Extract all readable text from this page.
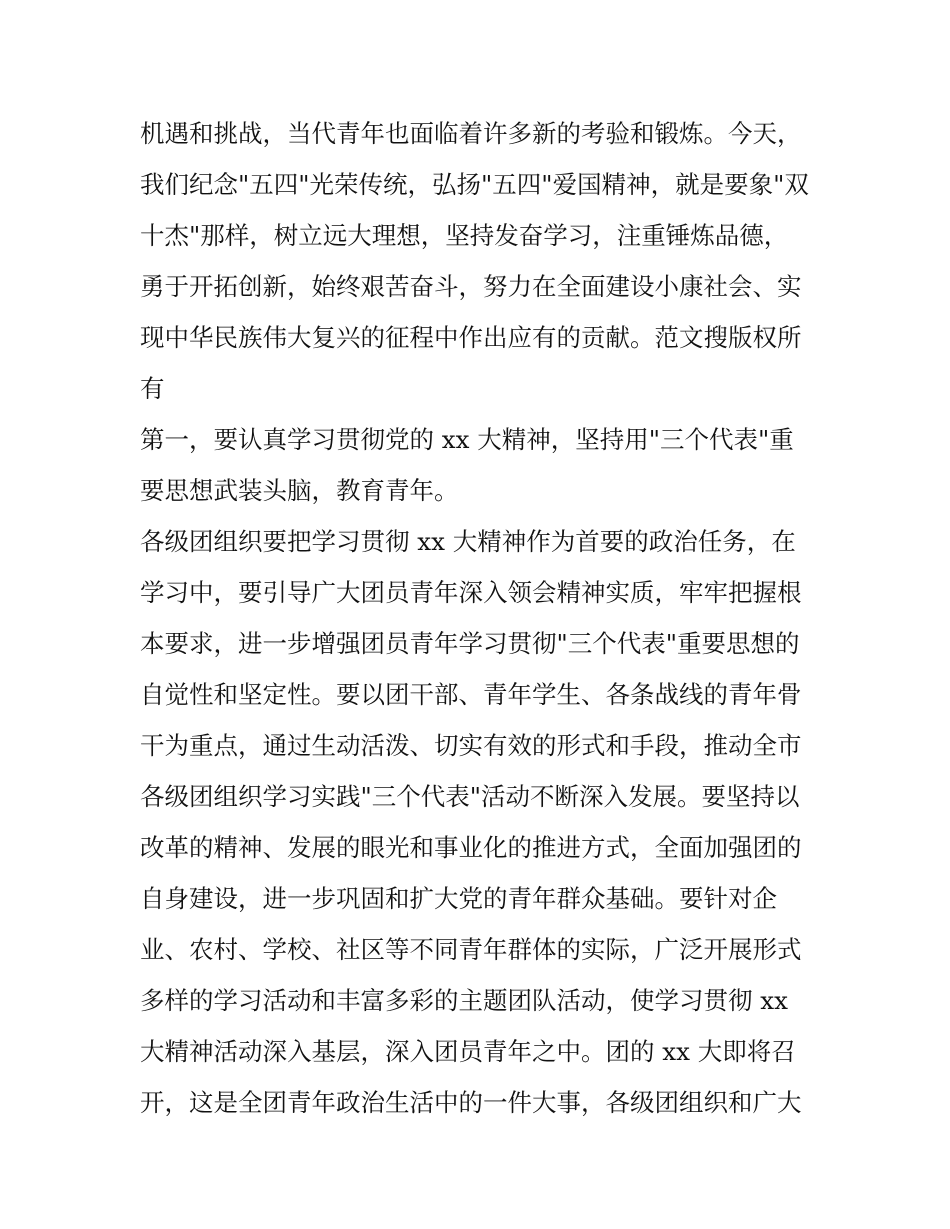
机遇和挑战，当代青年也面临着许多新的考验和锻炼。今天，
我们纪念"五四"光荣传统，弘扬"五四"爱国精神，就是要象"双
十杰"那样，树立远大理想，坚持发奋学习，注重锤炼品德，
勇于开拓创新，始终艰苦奋斗，努力在全面建设小康社会、实
现中华民族伟大复兴的征程中作出应有的贡献。范文搜版权所
有
第一，要认真学习贯彻党的 xx 大精神，坚持用"三个代表"重
要思想武装头脑，教育青年。
各级团组织要把学习贯彻 xx 大精神作为首要的政治任务，在
学习中，要引导广大团员青年深入领会精神实质，牢牢把握根
本要求，进一步增强团员青年学习贯彻"三个代表"重要思想的
自觉性和坚定性。要以团干部、青年学生、各条战线的青年骨
干为重点，通过生动活泼、切实有效的形式和手段，推动全市
各级团组织学习实践"三个代表"活动不断深入发展。要坚持以
改革的精神、发展的眼光和事业化的推进方式，全面加强团的
自身建设，进一步巩固和扩大党的青年群众基础。要针对企
业、农村、学校、社区等不同青年群体的实际，广泛开展形式
多样的学习活动和丰富多彩的主题团队活动，使学习贯彻 xx
大精神活动深入基层，深入团员青年之中。团的 xx 大即将召
开，这是全团青年政治生活中的一件大事，各级团组织和广大
